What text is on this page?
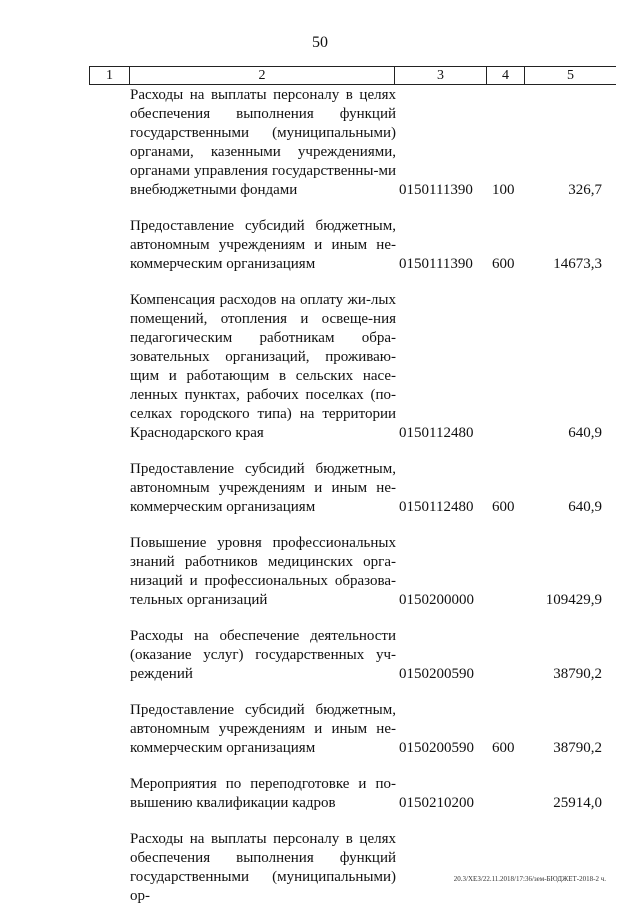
50
1	2	3	4	5
Расходы на выплаты персоналу в целях обеспечения выполнения функций государственными (муниципальными) органами, казенными учреждениями, органами управления государственны-ми внебюджетными фондами	0150111390 100	326,7
Предоставление субсидий бюджетным, автономным учреждениям и иным не-коммерческим организациям	0150111390 600	14673,3
Компенсация расходов на оплату жи-лых помещений, отопления и освеще-ния педагогическим работникам обра-зовательных организаций, проживаю-щим и работающим в сельских насе-ленных пунктах, рабочих поселках (по-селках городского типа) на территории Краснодарского края	0150112480	640,9
Предоставление субсидий бюджетным, автономным учреждениям и иным не-коммерческим организациям	0150112480 600	640,9
Повышение уровня профессиональных знаний работников медицинских орга-низаций и профессиональных образова-тельных организаций	0150200000	109429,9
Расходы на обеспечение деятельности (оказание услуг) государственных уч-реждений	0150200590	38790,2
Предоставление субсидий бюджетным, автономным учреждениям и иным не-коммерческим организациям	0150200590 600	38790,2
Мероприятия по переподготовке и по-вышению квалификации кадров	0150210200	25914,0
Расходы на выплаты персоналу в целях обеспечения выполнения функций государственными (муниципальными) ор-
20.3/ХЕЗ/22.11.2018/17:36/зем-БЮДЖЕТ-2018-2 ч.
